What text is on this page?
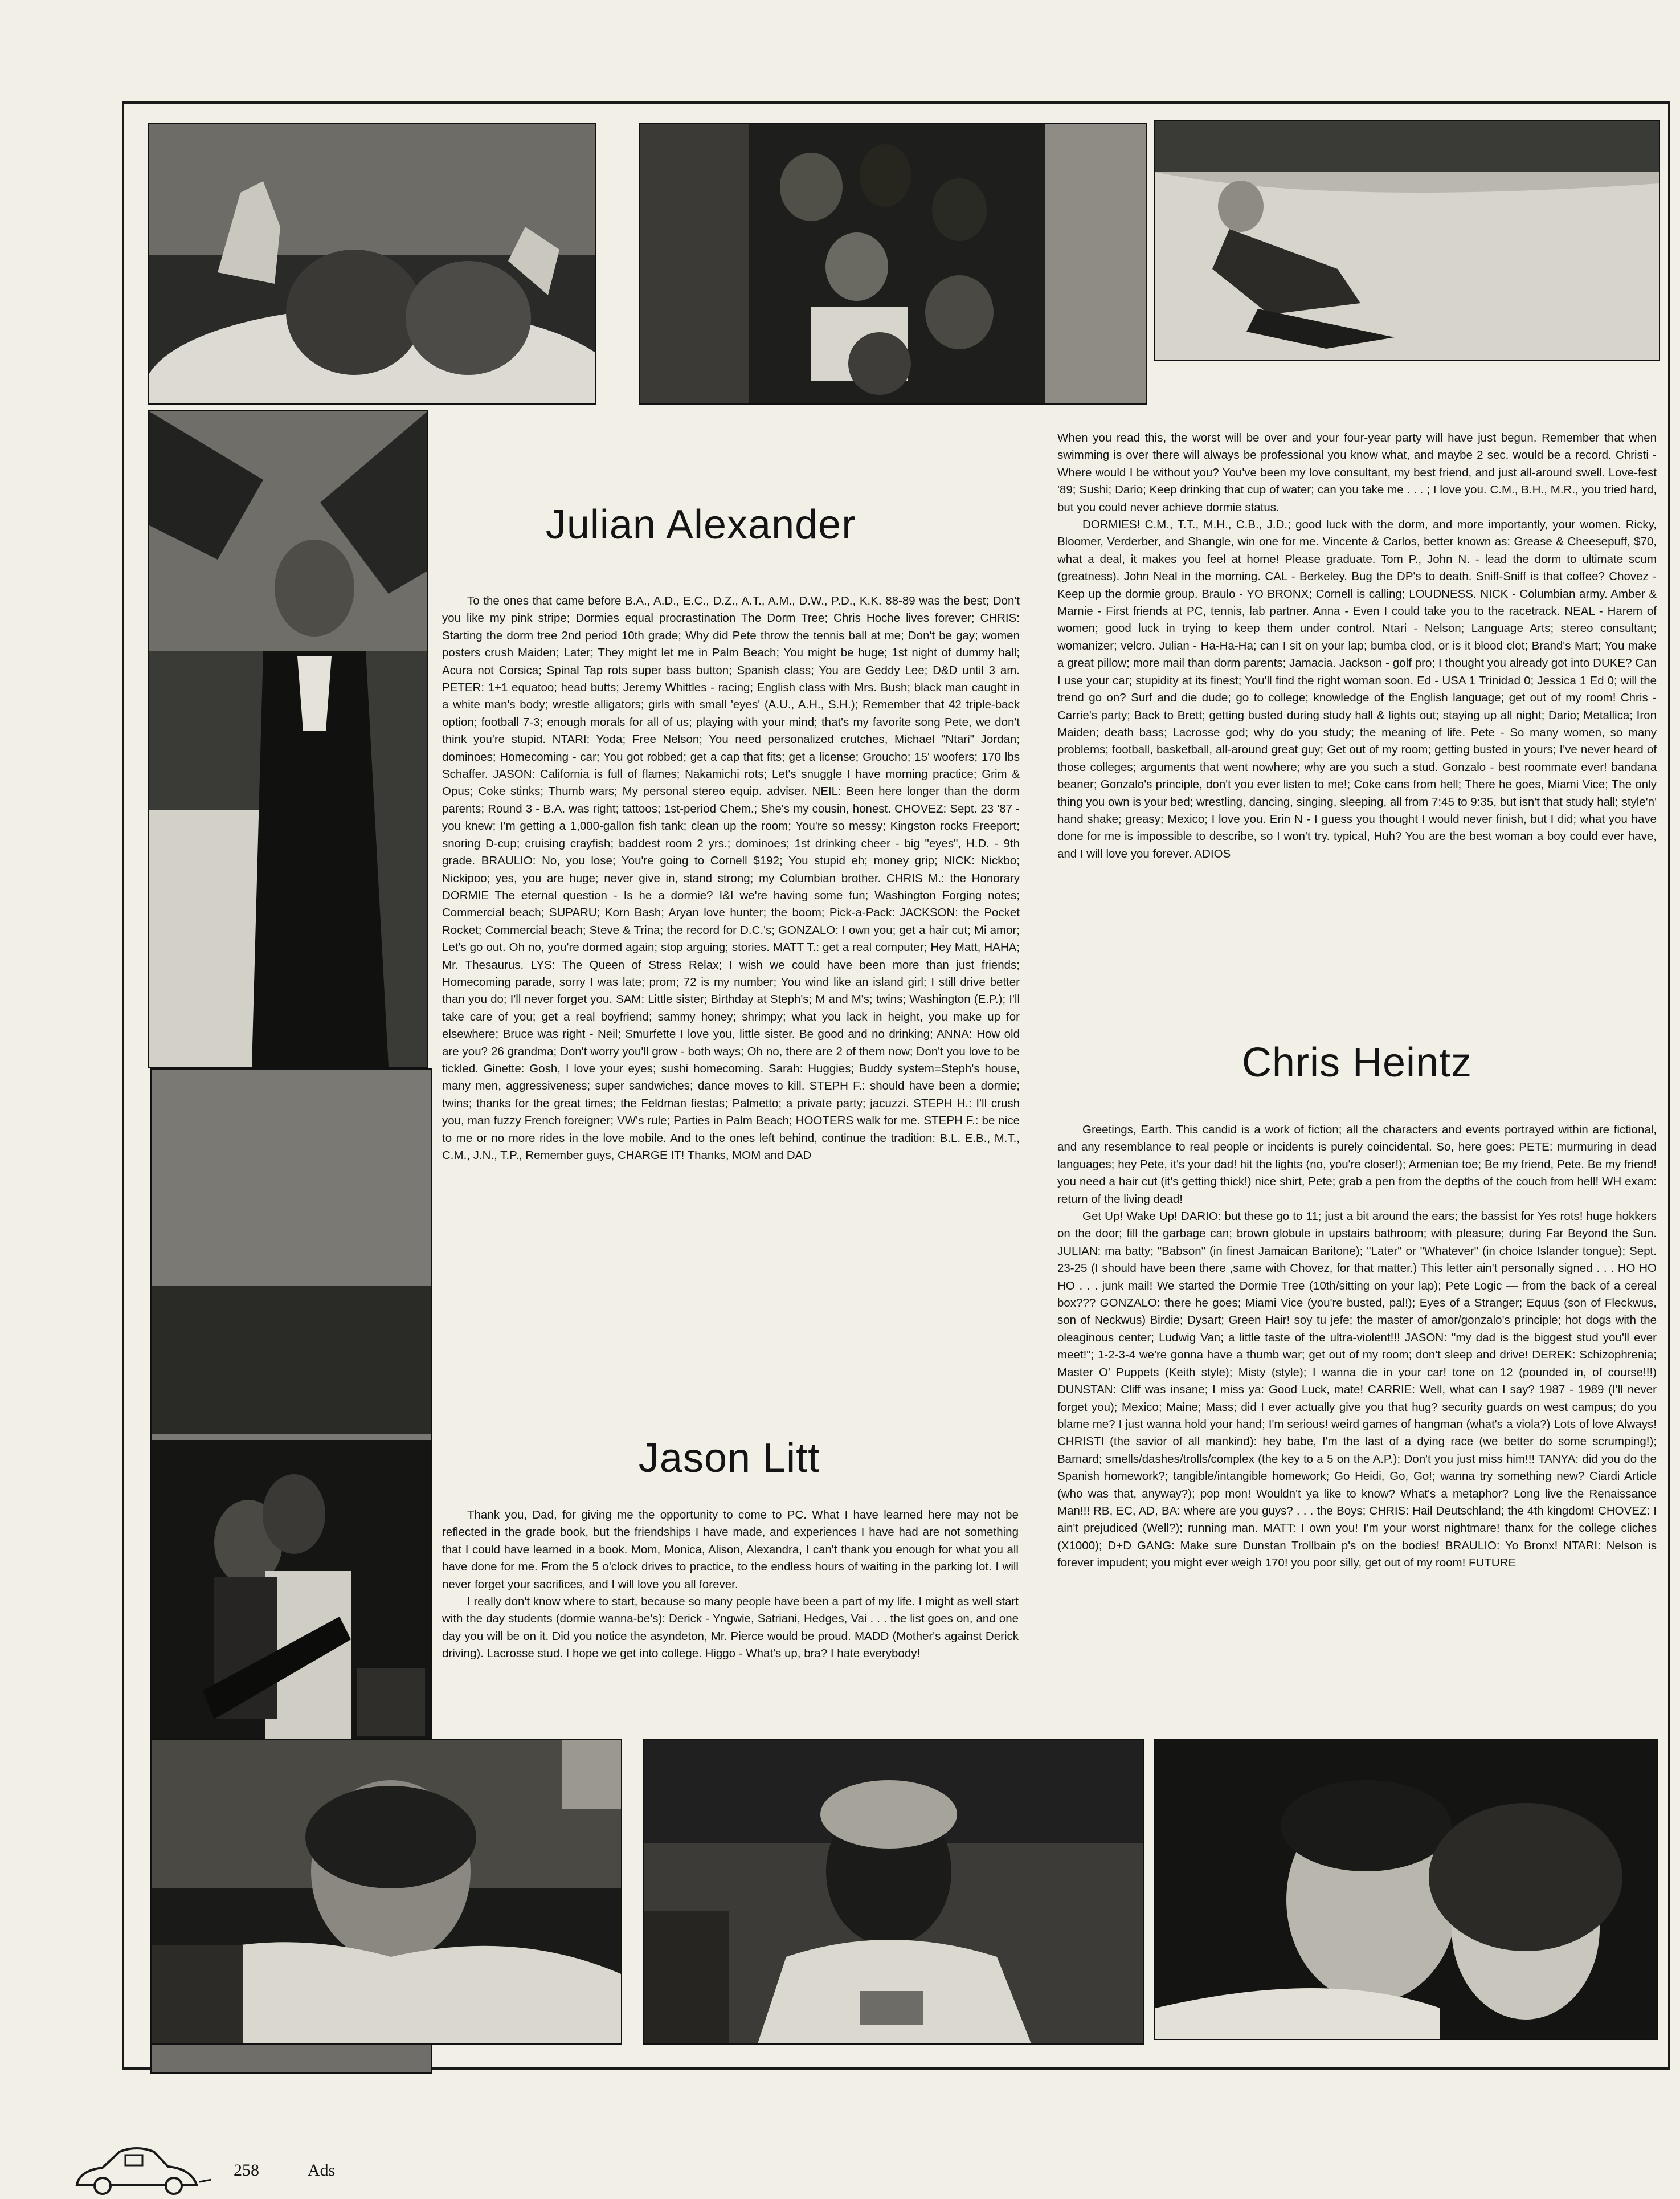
Julian Alexander

To the ones that came before B.A., A.D., E.C., D.Z., A.T., A.M., D.W., P.D., K.K. 88-89 was the best; Don't you like my pink stripe; Dormies equal procrastination The Dorm Tree; Chris Hoche lives forever; CHRIS: Starting the dorm tree 2nd period 10th grade; Why did Pete throw the tennis ball at me; Don't be gay; women posters crush Maiden; Later; They might let me in Palm Beach; You might be huge; 1st night of dummy hall; Acura not Corsica; Spinal Tap rots super bass button; Spanish class; You are Geddy Lee; D&D until 3 am. PETER: 1+1 equatoo; head butts; Jeremy Whittles - racing; English class with Mrs. Bush; black man caught in a white man's body; wrestle alligators; girls with small 'eyes' (A.U., A.H., S.H.); Remember that 42 triple-back option; football 7-3; enough morals for all of us; playing with your mind; that's my favorite song Pete, we don't think you're stupid. NTARI: Yoda; Free Nelson; You need personalized crutches, Michael "Ntari" Jordan; dominoes; Homecoming - car; You got robbed; get a cap that fits; get a license; Groucho; 15' woofers; 170 lbs Schaffer. JASON: California is full of flames; Nakamichi rots; Let's snuggle I have morning practice; Grim & Opus; Coke stinks; Thumb wars; My personal stereo equip. adviser. NEIL: Been here longer than the dorm parents; Round 3 - B.A. was right; tattoos; 1st-period Chem.; She's my cousin, honest. CHOVEZ: Sept. 23 '87 - you knew; I'm getting a 1,000-gallon fish tank; clean up the room; You're so messy; Kingston rocks Freeport; snoring D-cup; cruising crayfish; baddest room 2 yrs.; dominoes; 1st drinking cheer - big "eyes", H.D. - 9th grade. BRAULIO: No, you lose; You're going to Cornell $192; You stupid eh; money grip; NICK: Nickbo; Nickipoo; yes, you are huge; never give in, stand strong; my Columbian brother. CHRIS M.: the Honorary DORMIE The eternal question - Is he a dormie? I&I we're having some fun; Washington Forging notes; Commercial beach; SUPARU; Korn Bash; Aryan love hunter; the boom; Pick-a-Pack: JACKSON: the Pocket Rocket; Commercial beach; Steve & Trina; the record for D.C.'s; GONZALO: I own you; get a hair cut; Mi amor; Let's go out. Oh no, you're dormed again; stop arguing; stories. MATT T.: get a real computer; Hey Matt, HAHA; Mr. Thesaurus. LYS: The Queen of Stress Relax; I wish we could have been more than just friends; Homecoming parade, sorry I was late; prom; 72 is my number; You wind like an island girl; I still drive better than you do; I'll never forget you. SAM: Little sister; Birthday at Steph's; M and M's; twins; Washington (E.P.); I'll take care of you; get a real boyfriend; sammy honey; shrimpy; what you lack in height, you make up for elsewhere; Bruce was right - Neil; Smurfette I love you, little sister. Be good and no drinking; ANNA: How old are you? 26 grandma; Don't worry you'll grow - both ways; Oh no, there are 2 of them now; Don't you love to be tickled. Ginette: Gosh, I love your eyes; sushi homecoming. Sarah: Huggies; Buddy system=Steph's house, many men, aggressiveness; super sandwiches; dance moves to kill. STEPH F.: should have been a dormie; twins; thanks for the great times; the Feldman fiestas; Palmetto; a private party; jacuzzi. STEPH H.: I'll crush you, man fuzzy French foreigner; VW's rule; Parties in Palm Beach; HOOTERS walk for me. STEPH F.: be nice to me or no more rides in the love mobile. And to the ones left behind, continue the tradition: B.L. E.B., M.T., C.M., J.N., T.P., Remember guys, CHARGE IT! Thanks, MOM and DAD

Jason Litt

Thank you, Dad, for giving me the opportunity to come to PC. What I have learned here may not be reflected in the grade book, but the friendships I have made, and experiences I have had are not something that I could have learned in a book. Mom, Monica, Alison, Alexandra, I can't thank you enough for what you all have done for me. From the 5 o'clock drives to practice, to the endless hours of waiting in the parking lot. I will never forget your sacrifices, and I will love you all forever.

I really don't know where to start, because so many people have been a part of my life. I might as well start with the day students (dormie wanna-be's): Derick - Yngwie, Satriani, Hedges, Vai . . . the list goes on, and one day you will be on it. Did you notice the asyndeton, Mr. Pierce would be proud. MADD (Mother's against Derick driving). Lacrosse stud. I hope we get into college. Higgo - What's up, bra? I hate everybody!

When you read this, the worst will be over and your four-year party will have just begun. Remember that when swimming is over there will always be professional you know what, and maybe 2 sec. would be a record. Christi - Where would I be without you? You've been my love consultant, my best friend, and just all-around swell. Love-fest '89; Sushi; Dario; Keep drinking that cup of water; can you take me . . . ; I love you. C.M., B.H., M.R., you tried hard, but you could never achieve dormie status.

DORMIES! C.M., T.T., M.H., C.B., J.D.; good luck with the dorm, and more importantly, your women. Ricky, Bloomer, Verderber, and Shangle, win one for me. Vincente & Carlos, better known as: Grease & Cheesepuff, $70, what a deal, it makes you feel at home! Please graduate. Tom P., John N. - lead the dorm to ultimate scum (greatness). John Neal in the morning. CAL - Berkeley. Bug the DP's to death. Sniff-Sniff is that coffee? Chovez - Keep up the dormie group. Braulo - YO BRONX; Cornell is calling; LOUDNESS. NICK - Columbian army. Amber & Marnie - First friends at PC, tennis, lab partner. Anna - Even I could take you to the racetrack. NEAL - Harem of women; good luck in trying to keep them under control. Ntari - Nelson; Language Arts; stereo consultant; womanizer; velcro. Julian - Ha-Ha-Ha; can I sit on your lap; bumba clod, or is it blood clot; Brand's Mart; You make a great pillow; more mail than dorm parents; Jamacia. Jackson - golf pro; I thought you already got into DUKE? Can I use your car; stupidity at its finest; You'll find the right woman soon. Ed - USA 1 Trinidad 0; Jessica 1 Ed 0; will the trend go on? Surf and die dude; go to college; knowledge of the English language; get out of my room! Chris - Carrie's party; Back to Brett; getting busted during study hall & lights out; staying up all night; Dario; Metallica; Iron Maiden; death bass; Lacrosse god; why do you study; the meaning of life. Pete - So many women, so many problems; football, basketball, all-around great guy; Get out of my room; getting busted in yours; I've never heard of those colleges; arguments that went nowhere; why are you such a stud. Gonzalo - best roommate ever! bandana beaner; Gonzalo's principle, don't you ever listen to me!; Coke cans from hell; There he goes, Miami Vice; The only thing you own is your bed; wrestling, dancing, singing, sleeping, all from 7:45 to 9:35, but isn't that study hall; style'n' hand shake; greasy; Mexico; I love you. Erin N - I guess you thought I would never finish, but I did; what you have done for me is impossible to describe, so I won't try. typical, Huh? You are the best woman a boy could ever have, and I will love you forever. ADIOS

Chris Heintz

Greetings, Earth. This candid is a work of fiction; all the characters and events portrayed within are fictional, and any resemblance to real people or incidents is purely coincidental. So, here goes: PETE: murmuring in dead languages; hey Pete, it's your dad! hit the lights (no, you're closer!); Armenian toe; Be my friend, Pete. Be my friend! you need a hair cut (it's getting thick!) nice shirt, Pete; grab a pen from the depths of the couch from hell! WH exam: return of the living dead!

Get Up! Wake Up! DARIO: but these go to 11; just a bit around the ears; the bassist for Yes rots! huge hokkers on the door; fill the garbage can; brown globule in upstairs bathroom; with pleasure; during Far Beyond the Sun. JULIAN: ma batty; "Babson" (in finest Jamaican Baritone); "Later" or "Whatever" (in choice Islander tongue); Sept. 23-25 (I should have been there ,same with Chovez, for that matter.) This letter ain't personally signed . . . HO HO HO . . . junk mail! We started the Dormie Tree (10th/sitting on your lap); Pete Logic — from the back of a cereal box??? GONZALO: there he goes; Miami Vice (you're busted, pal!); Eyes of a Stranger; Equus (son of Fleckwus, son of Neckwus) Birdie; Dysart; Green Hair! soy tu jefe; the master of amor/gonzalo's principle; hot dogs with the oleaginous center; Ludwig Van; a little taste of the ultra-violent!!! JASON: "my dad is the biggest stud you'll ever meet!"; 1-2-3-4 we're gonna have a thumb war; get out of my room; don't sleep and drive! DEREK: Schizophrenia; Master O' Puppets (Keith style); Misty (style); I wanna die in your car! tone on 12 (pounded in, of course!!!) DUNSTAN: Cliff was insane; I miss ya: Good Luck, mate! CARRIE: Well, what can I say? 1987 - 1989 (I'll never forget you); Mexico; Maine; Mass; did I ever actually give you that hug? security guards on west campus; do you blame me? I just wanna hold your hand; I'm serious! weird games of hangman (what's a viola?) Lots of love Always! CHRISTI (the savior of all mankind): hey babe, I'm the last of a dying race (we better do some scrumping!); Barnard; smells/dashes/trolls/complex (the key to a 5 on the A.P.); Don't you just miss him!!! TANYA: did you do the Spanish homework?; tangible/intangible homework; Go Heidi, Go, Go!; wanna try something new? Ciardi Article (who was that, anyway?); pop mon! Wouldn't ya like to know? What's a metaphor? Long live the Renaissance Man!!! RB, EC, AD, BA: where are you guys? . . . the Boys; CHRIS: Hail Deutschland; the 4th kingdom! CHOVEZ: I ain't prejudiced (Well?); running man. MATT: I own you! I'm your worst nightmare! thanx for the college cliches (X1000); D+D GANG: Make sure Dunstan Trollbain p's on the bodies! BRAULIO: Yo Bronx! NTARI: Nelson is forever impudent; you might ever weigh 170! you poor silly, get out of my room! FUTURE

258	Ads
